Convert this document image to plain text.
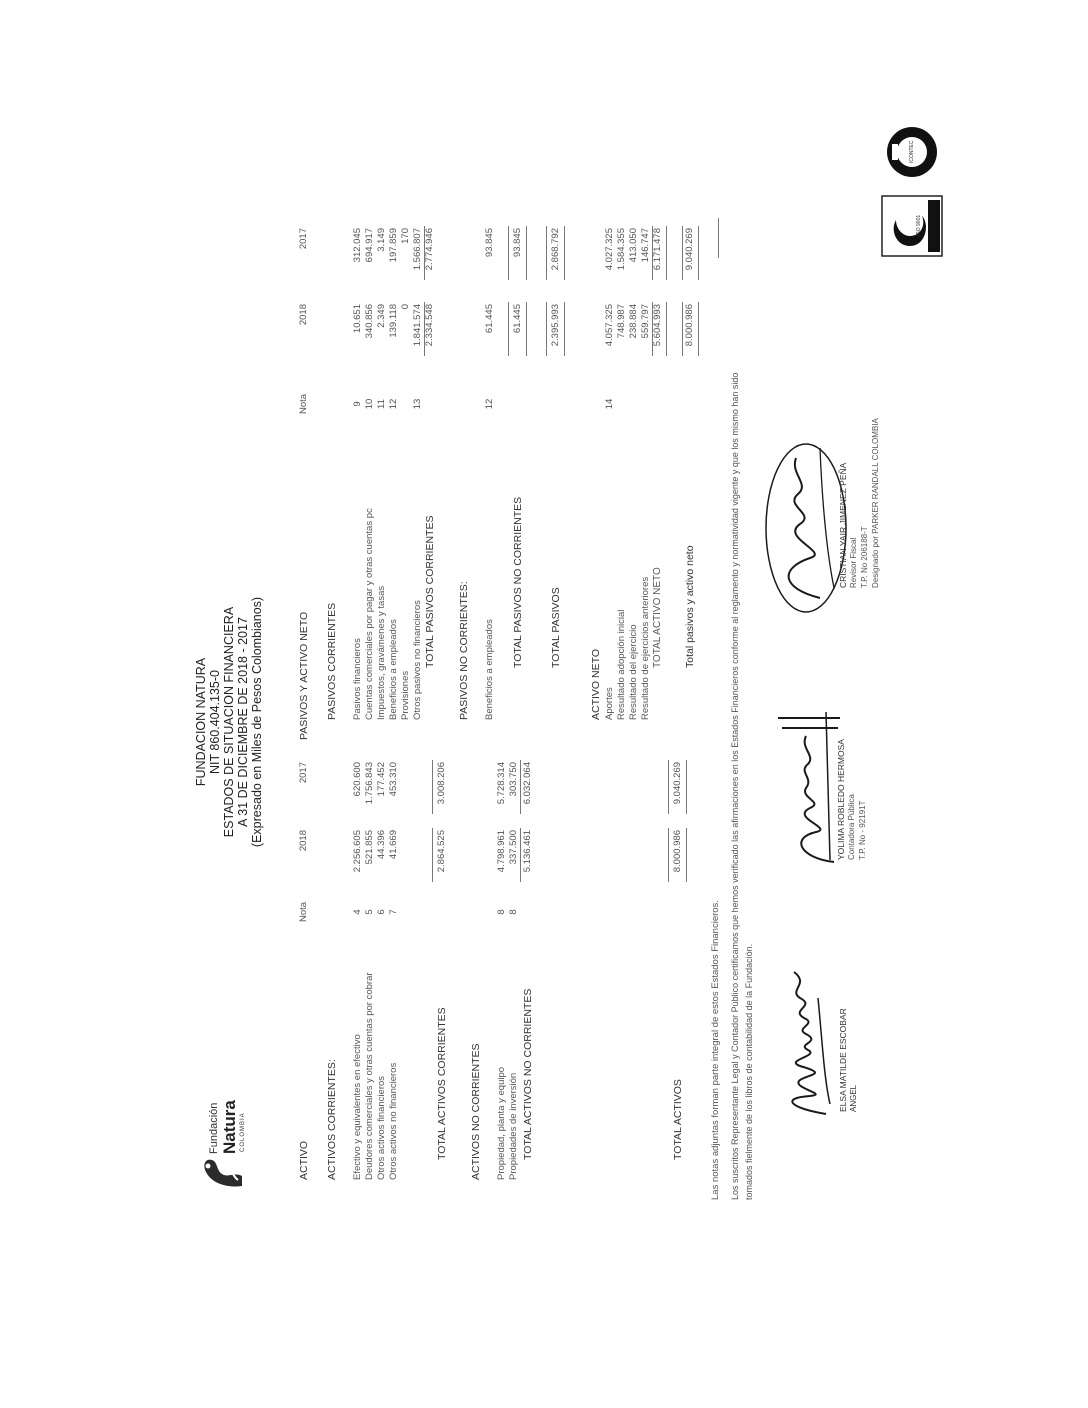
Fundación Natura COLOMBIA
FUNDACION NATURA NIT 860.404.135-0 ESTADOS DE SITUACION FINANCIERA A 31 DE DICIEMBRE DE 2018 - 2017 (Expresado en Miles de Pesos Colombianos)
ACTIVO
Nota
2018
2017
PASIVOS Y ACTIVO NETO
Nota
2018
2017
ACTIVOS CORRIENTES: Efectivo y equivalentes en efectivo
4
2.256.605
620.600
Deudores comerciales y otras cuentas por cobrar
5
521.855
1.756.843
Otros activos financieros
6
44.396
177.452
Otros activos no financieros
7
41.669
453.310
TOTAL ACTIVOS CORRIENTES
2.864.525
3.008.206
ACTIVOS NO CORRIENTES Propiedad, planta y equipo
8
4.798.961
5.728.314
Propiedades de inversión
8
337.500
303.750
TOTAL ACTIVOS NO CORRIENTES
5.136.461
6.032.064
TOTAL ACTIVOS
8.000.986
9.040.269
PASIVOS CORRIENTES Pasivos financieros
9
10.651
312.045
Cuentas comerciales por pagar y otras cuentas pc
10
340.856
694.917
Impuestos, gravámenes y tasas
11
2.349
3.149
Beneficios a empleados
12
139.118
197.859
Provisiones
0
170
Otros pasivos no financieros
13
1.841.574
1.566.807
TOTAL PASIVOS CORRIENTES
2.334.548
2.774.946
PASIVOS NO CORRIENTES: Beneficios a empleados
12
61.445
93.845
TOTAL PASIVOS NO CORRIENTES
61.445
93.845
TOTAL PASIVOS
2.395.993
2.868.792
ACTIVO NETO Aportes
14
4.057.325
4.027.325
Resultado adopción inicial
748.987
1.584.355
Resultado del ejercicio
238.884
413.050
Resultado de ejercicios anteriores
559.797
146.747
TOTAL ACTIVO NETO
5.604.993
6.171.478
Total pasivos y activo neto
8.000.986
9.040.269
Las notas adjuntas forman parte integral de estos Estados Financieros. Los suscritos Representante Legal y Contador Público certificamos que hemos verificado las afirmaciones en los Estados Financieros conforme al reglamento y normatividad vigente y que los mismo han sido tomados fielmente de los libros de contabilidad de la Fundación.	ELSA MATILDE ESCOBAR ANGEL
YOLIMA ROBLEDO HERMOSA Contadora Pública T.P. No - 92191T
CRISTIAN YAIR JIMENEZ PEÑA Revisor Fiscal T.P. No 206188-T Designado por PARKER RANDALL COLOMBIA
ISO 9001
ICONTEC
